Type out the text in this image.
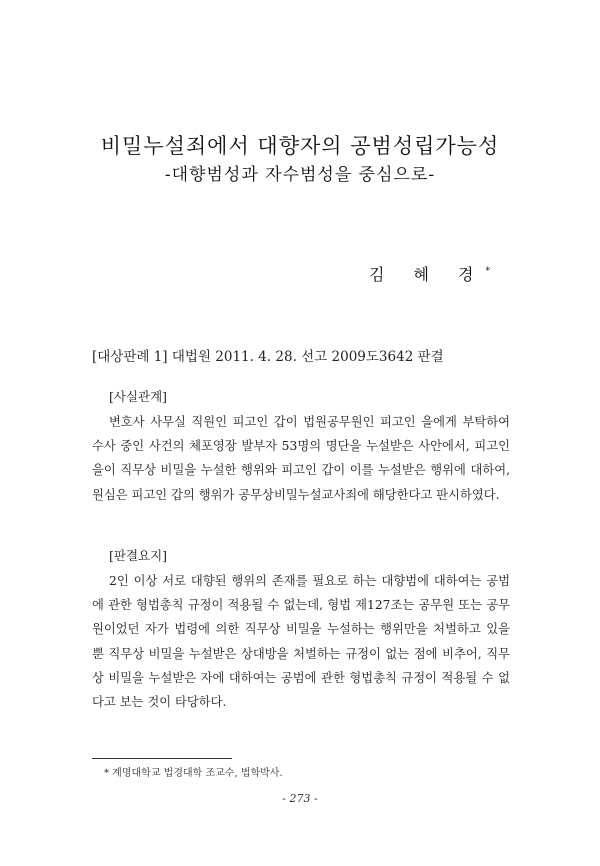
비밀누설죄에서 대향자의 공범성립가능성
-대향범성과 자수범성을 중심으로-
김 혜 경*
[대상판례 1] 대법원 2011. 4. 28. 선고 2009도3642 판결
[사실관계]

변호사 사무실 직원인 피고인 갑이 법원공무원인 피고인 을에게 부탁하여 수사 중인 사건의 체포영장 발부자 53명의 명단을 누설받은 사안에서, 피고인 을이 직무상 비밀을 누설한 행위와 피고인 갑이 이를 누설받은 행위에 대하여, 원심은 피고인 갑의 행위가 공무상비밀누설교사죄에 해당한다고 판시하였다.

[판결요지]

2인 이상 서로 대향된 행위의 존재를 필요로 하는 대향범에 대하여는 공범에 관한 형법총칙 규정이 적용될 수 없는데, 형법 제127조는 공무원 또는 공무원이었던 자가 법령에 의한 직무상 비밀을 누설하는 행위만을 처벌하고 있을 뿐 직무상 비밀을 누설받은 상대방을 처벌하는 규정이 없는 점에 비추어, 직무상 비밀을 누설받은 자에 대하여는 공범에 관한 형법총칙 규정이 적용될 수 없다고 보는 것이 타당하다.

* 계명대학교 법경대학 조교수, 법학박사.
- 273 -
